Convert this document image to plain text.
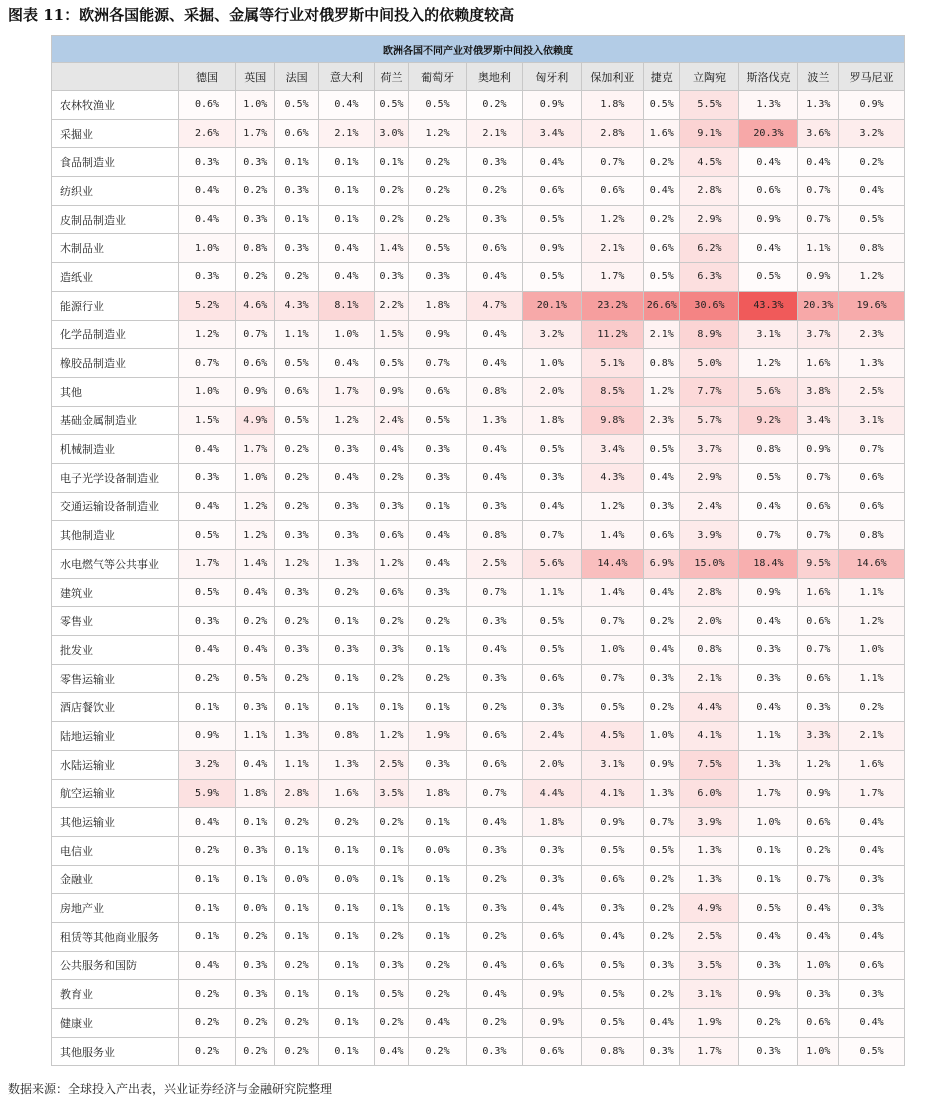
图表 11：欧洲各国能源、采掘、金属等行业对俄罗斯中间投入的依赖度较高
欧洲各国不同产业对俄罗斯中间投入依赖度														
	德国	英国	法国	意大利	荷兰	葡萄牙	奥地利	匈牙利	保加利亚	捷克	立陶宛	斯洛伐克	波兰	罗马尼亚
农林牧渔业	0.6%	1.0%	0.5%	0.4%	0.5%	0.5%	0.2%	0.9%	1.8%	0.5%	5.5%	1.3%	1.3%	0.9%
采掘业	2.6%	1.7%	0.6%	2.1%	3.0%	1.2%	2.1%	3.4%	2.8%	1.6%	9.1%	20.3%	3.6%	3.2%
食品制造业	0.3%	0.3%	0.1%	0.1%	0.1%	0.2%	0.3%	0.4%	0.7%	0.2%	4.5%	0.4%	0.4%	0.2%
纺织业	0.4%	0.2%	0.3%	0.1%	0.2%	0.2%	0.2%	0.6%	0.6%	0.4%	2.8%	0.6%	0.7%	0.4%
皮制品制造业	0.4%	0.3%	0.1%	0.1%	0.2%	0.2%	0.3%	0.5%	1.2%	0.2%	2.9%	0.9%	0.7%	0.5%
木制品业	1.0%	0.8%	0.3%	0.4%	1.4%	0.5%	0.6%	0.9%	2.1%	0.6%	6.2%	0.4%	1.1%	0.8%
造纸业	0.3%	0.2%	0.2%	0.4%	0.3%	0.3%	0.4%	0.5%	1.7%	0.5%	6.3%	0.5%	0.9%	1.2%
能源行业	5.2%	4.6%	4.3%	8.1%	2.2%	1.8%	4.7%	20.1%	23.2%	26.6%	30.6%	43.3%	20.3%	19.6%
化学品制造业	1.2%	0.7%	1.1%	1.0%	1.5%	0.9%	0.4%	3.2%	11.2%	2.1%	8.9%	3.1%	3.7%	2.3%
橡胶品制造业	0.7%	0.6%	0.5%	0.4%	0.5%	0.7%	0.4%	1.0%	5.1%	0.8%	5.0%	1.2%	1.6%	1.3%
其他	1.0%	0.9%	0.6%	1.7%	0.9%	0.6%	0.8%	2.0%	8.5%	1.2%	7.7%	5.6%	3.8%	2.5%
基础金属制造业	1.5%	4.9%	0.5%	1.2%	2.4%	0.5%	1.3%	1.8%	9.8%	2.3%	5.7%	9.2%	3.4%	3.1%
机械制造业	0.4%	1.7%	0.2%	0.3%	0.4%	0.3%	0.4%	0.5%	3.4%	0.5%	3.7%	0.8%	0.9%	0.7%
电子光学设备制造业	0.3%	1.0%	0.2%	0.4%	0.2%	0.3%	0.4%	0.3%	4.3%	0.4%	2.9%	0.5%	0.7%	0.6%
交通运输设备制造业	0.4%	1.2%	0.2%	0.3%	0.3%	0.1%	0.3%	0.4%	1.2%	0.3%	2.4%	0.4%	0.6%	0.6%
其他制造业	0.5%	1.2%	0.3%	0.3%	0.6%	0.4%	0.8%	0.7%	1.4%	0.6%	3.9%	0.7%	0.7%	0.8%
水电燃气等公共事业	1.7%	1.4%	1.2%	1.3%	1.2%	0.4%	2.5%	5.6%	14.4%	6.9%	15.0%	18.4%	9.5%	14.6%
建筑业	0.5%	0.4%	0.3%	0.2%	0.6%	0.3%	0.7%	1.1%	1.4%	0.4%	2.8%	0.9%	1.6%	1.1%
零售业	0.3%	0.2%	0.2%	0.1%	0.2%	0.2%	0.3%	0.5%	0.7%	0.2%	2.0%	0.4%	0.6%	1.2%
批发业	0.4%	0.4%	0.3%	0.3%	0.3%	0.1%	0.4%	0.5%	1.0%	0.4%	0.8%	0.3%	0.7%	1.0%
零售运输业	0.2%	0.5%	0.2%	0.1%	0.2%	0.2%	0.3%	0.6%	0.7%	0.3%	2.1%	0.3%	0.6%	1.1%
酒店餐饮业	0.1%	0.3%	0.1%	0.1%	0.1%	0.1%	0.2%	0.3%	0.5%	0.2%	4.4%	0.4%	0.3%	0.2%
陆地运输业	0.9%	1.1%	1.3%	0.8%	1.2%	1.9%	0.6%	2.4%	4.5%	1.0%	4.1%	1.1%	3.3%	2.1%
水陆运输业	3.2%	0.4%	1.1%	1.3%	2.5%	0.3%	0.6%	2.0%	3.1%	0.9%	7.5%	1.3%	1.2%	1.6%
航空运输业	5.9%	1.8%	2.8%	1.6%	3.5%	1.8%	0.7%	4.4%	4.1%	1.3%	6.0%	1.7%	0.9%	1.7%
其他运输业	0.4%	0.1%	0.2%	0.2%	0.2%	0.1%	0.4%	1.8%	0.9%	0.7%	3.9%	1.0%	0.6%	0.4%
电信业	0.2%	0.3%	0.1%	0.1%	0.1%	0.0%	0.3%	0.3%	0.5%	0.5%	1.3%	0.1%	0.2%	0.4%
金融业	0.1%	0.1%	0.0%	0.0%	0.1%	0.1%	0.2%	0.3%	0.6%	0.2%	1.3%	0.1%	0.7%	0.3%
房地产业	0.1%	0.0%	0.1%	0.1%	0.1%	0.1%	0.3%	0.4%	0.3%	0.2%	4.9%	0.5%	0.4%	0.3%
租赁等其他商业服务	0.1%	0.2%	0.1%	0.1%	0.2%	0.1%	0.2%	0.6%	0.4%	0.2%	2.5%	0.4%	0.4%	0.4%
公共服务和国防	0.4%	0.3%	0.2%	0.1%	0.3%	0.2%	0.4%	0.6%	0.5%	0.3%	3.5%	0.3%	1.0%	0.6%
教育业	0.2%	0.3%	0.1%	0.1%	0.5%	0.2%	0.4%	0.9%	0.5%	0.2%	3.1%	0.9%	0.3%	0.3%
健康业	0.2%	0.2%	0.2%	0.1%	0.2%	0.4%	0.2%	0.9%	0.5%	0.4%	1.9%	0.2%	0.6%	0.4%
其他服务业	0.2%	0.2%	0.2%	0.1%	0.4%	0.2%	0.3%	0.6%	0.8%	0.3%	1.7%	0.3%	1.0%	0.5%
数据来源：全球投入产出表，兴业证券经济与金融研究院整理
